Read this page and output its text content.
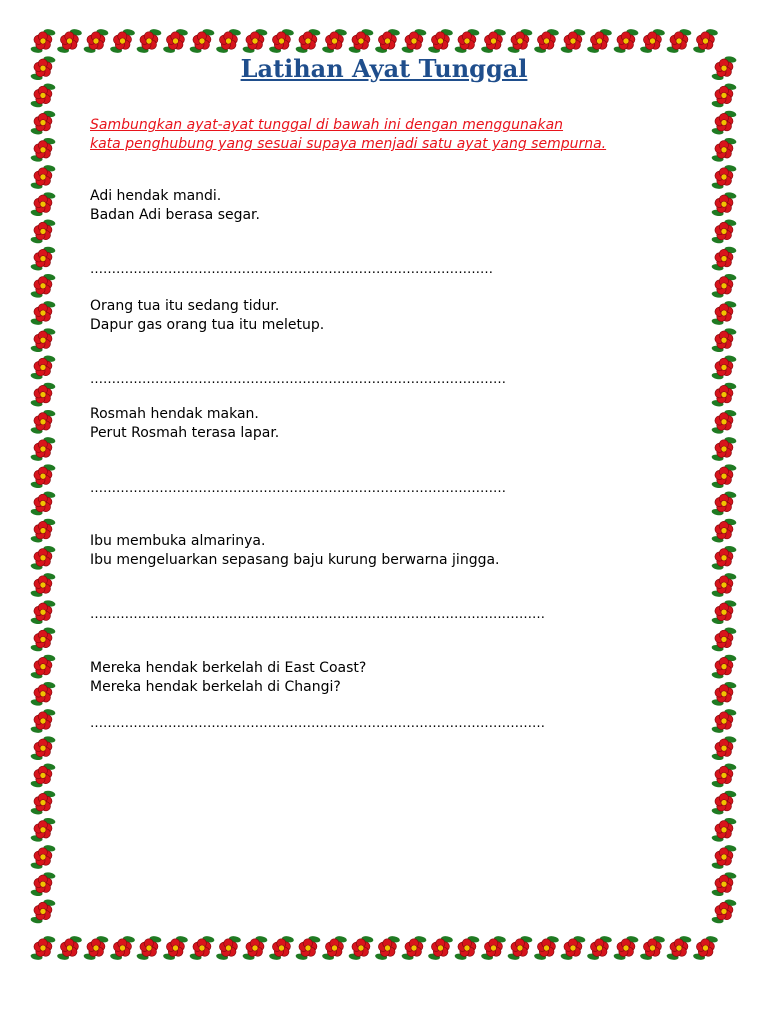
Latihan Ayat Tunggal
Sambungkan ayat-ayat tunggal di bawah ini dengan menggunakan
kata penghubung yang sesuai supaya menjadi satu ayat yang sempurna.
Adi hendak mandi.
Badan Adi berasa segar.
…………………………………………………………………………………
Orang tua itu sedang tidur.
Dapur gas orang tua itu meletup.
……………………………………………………………………………………
Rosmah hendak makan.
Perut Rosmah terasa lapar.
……………………………………………………………………………………
Ibu membuka almarinya.
Ibu mengeluarkan sepasang baju kurung berwarna jingga.
……………………………………………………………………………………………
Mereka hendak berkelah di East Coast?
Mereka hendak berkelah di Changi?
……………………………………………………………………………………………
